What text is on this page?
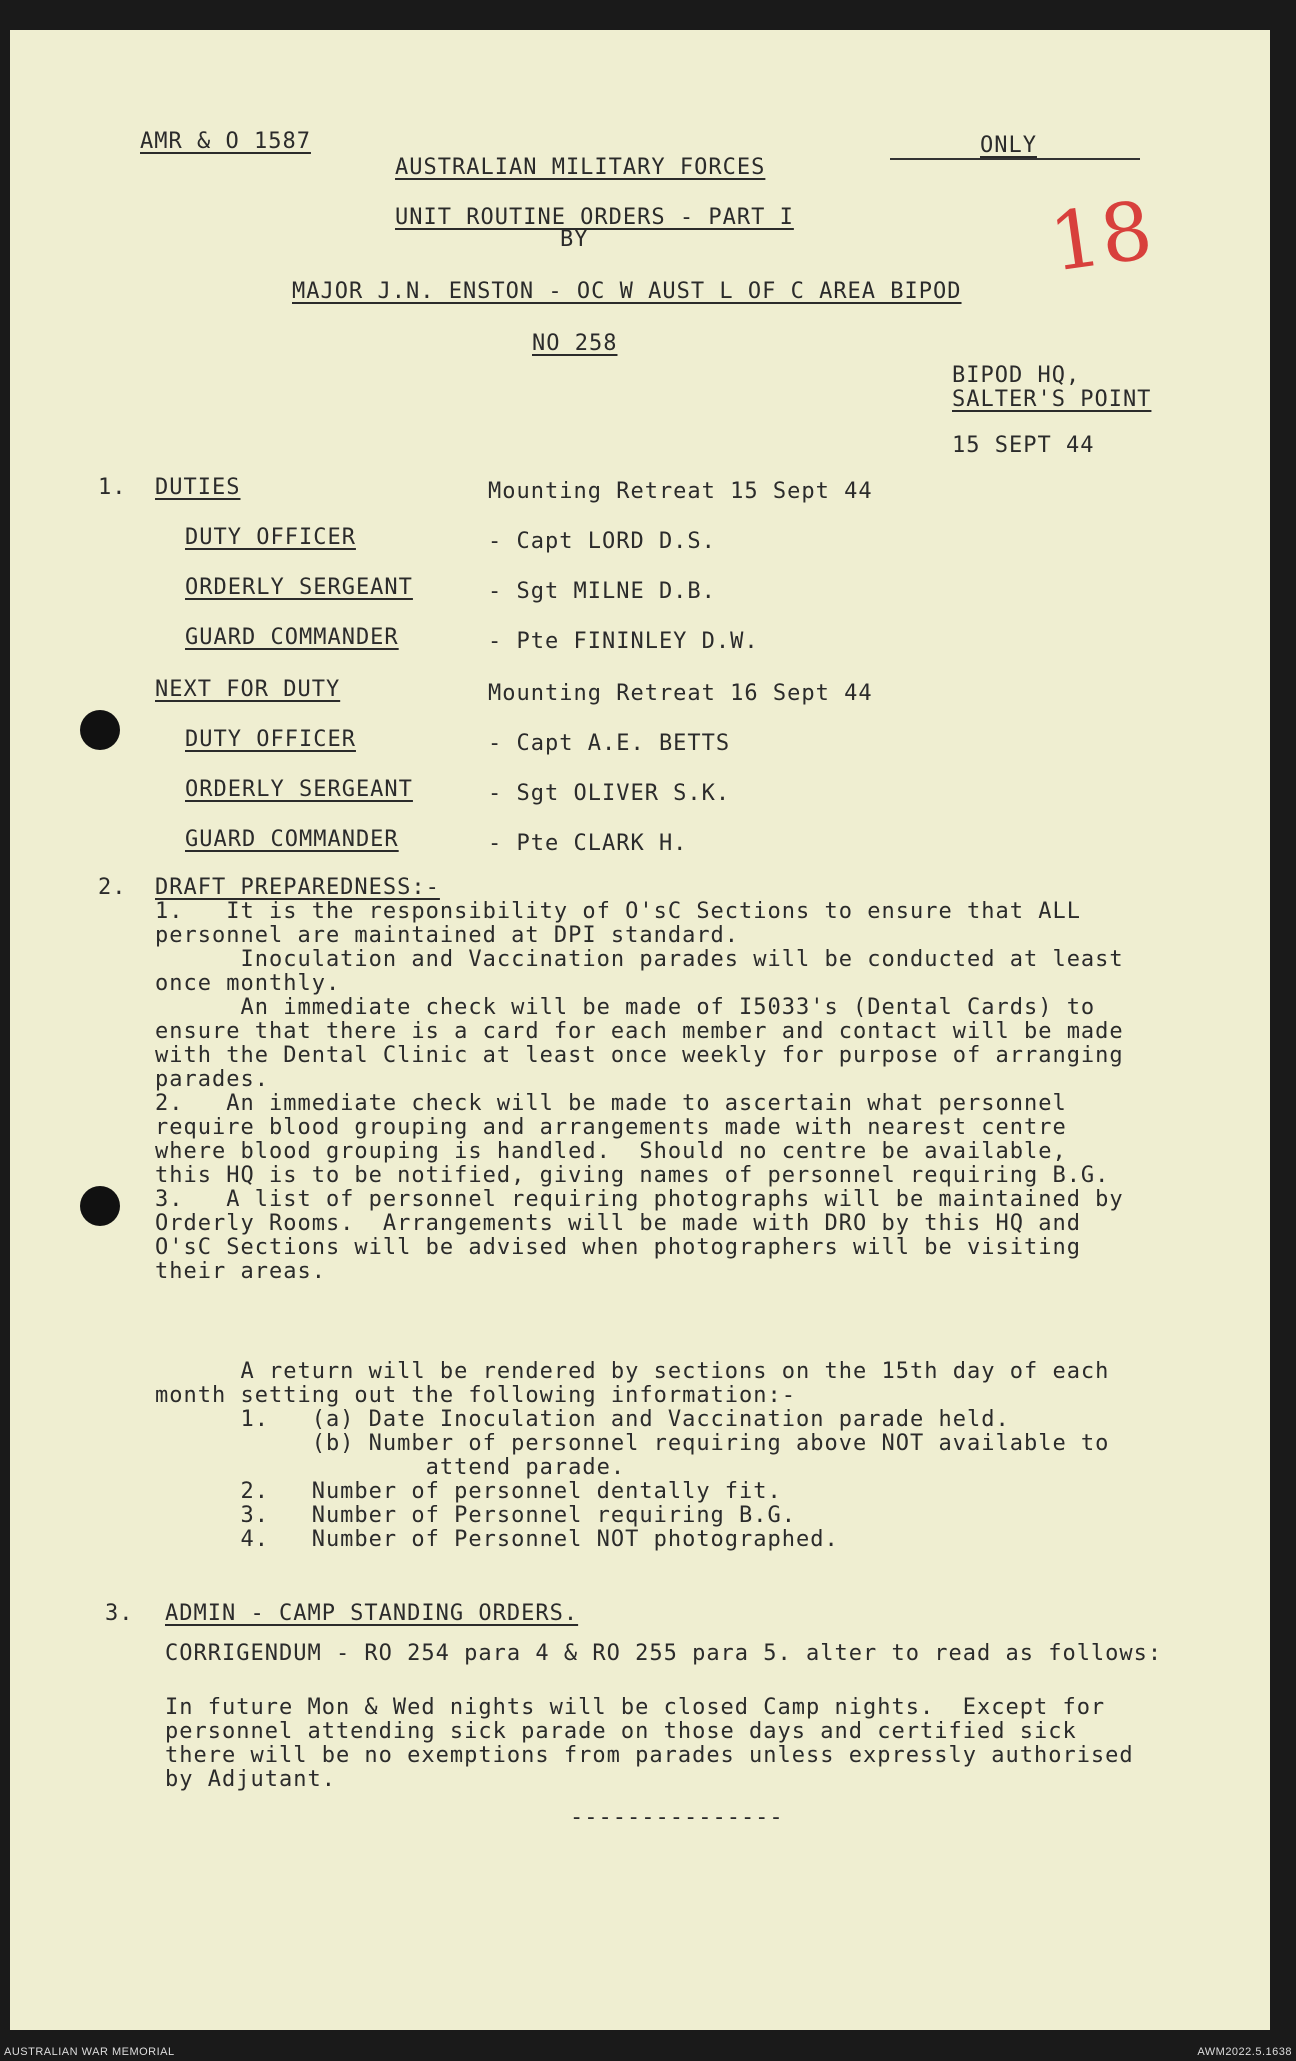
AMR & O 1587	ONLY
AUSTRALIAN MILITARY FORCES
UNIT ROUTINE ORDERS - PART I
BY
MAJOR J.N. ENSTON - OC W AUST L OF C AREA BIPOD
NO 258
18
BIPOD HQ,
SALTER'S POINT
15 SEPT 44
1. DUTIES	Mounting Retreat 15 Sept 44
DUTY OFFICER	- Capt LORD D.S.
ORDERLY SERGEANT	- Sgt MILNE D.B.
GUARD COMMANDER	- Pte FININLEY D.W.
NEXT FOR DUTY	Mounting Retreat 16 Sept 44
DUTY OFFICER	- Capt A.E. BETTS
ORDERLY SERGEANT	- Sgt OLIVER S.K.
GUARD COMMANDER	- Pte CLARK H.
2. DRAFT PREPAREDNESS:-
1.   It is the responsibility of O'sC Sections to ensure that ALL
personnel are maintained at DPI standard.
Inoculation and Vaccination parades will be conducted at least
once monthly.
An immediate check will be made of I5033's (Dental Cards) to
ensure that there is a card for each member and contact will be made
with the Dental Clinic at least once weekly for purpose of arranging
parades.
2.   An immediate check will be made to ascertain what personnel
require blood grouping and arrangements made with nearest centre
where blood grouping is handled.  Should no centre be available,
this HQ is to be notified, giving names of personnel requiring B.G.
3.   A list of personnel requiring photographs will be maintained by
Orderly Rooms.  Arrangements will be made with DRO by this HQ and
O'sC Sections will be advised when photographers will be visiting
their areas.
A return will be rendered by sections on the 15th day of each
month setting out the following information:-
1.   (a) Date Inoculation and Vaccination parade held.
(b) Number of personnel requiring above NOT available to
attend parade.
2.   Number of personnel dentally fit.
3.   Number of Personnel requiring B.G.
4.   Number of Personnel NOT photographed.
3. ADMIN - CAMP STANDING ORDERS.
CORRIGENDUM - RO 254 para 4 & RO 255 para 5. alter to read as follows:
In future Mon & Wed nights will be closed Camp nights.  Except for
personnel attending sick parade on those days and certified sick
there will be no exemptions from parades unless expressly authorised
by Adjutant.
---------------
AUSTRALIAN WAR MEMORIAL	AWM2022.5.1638
